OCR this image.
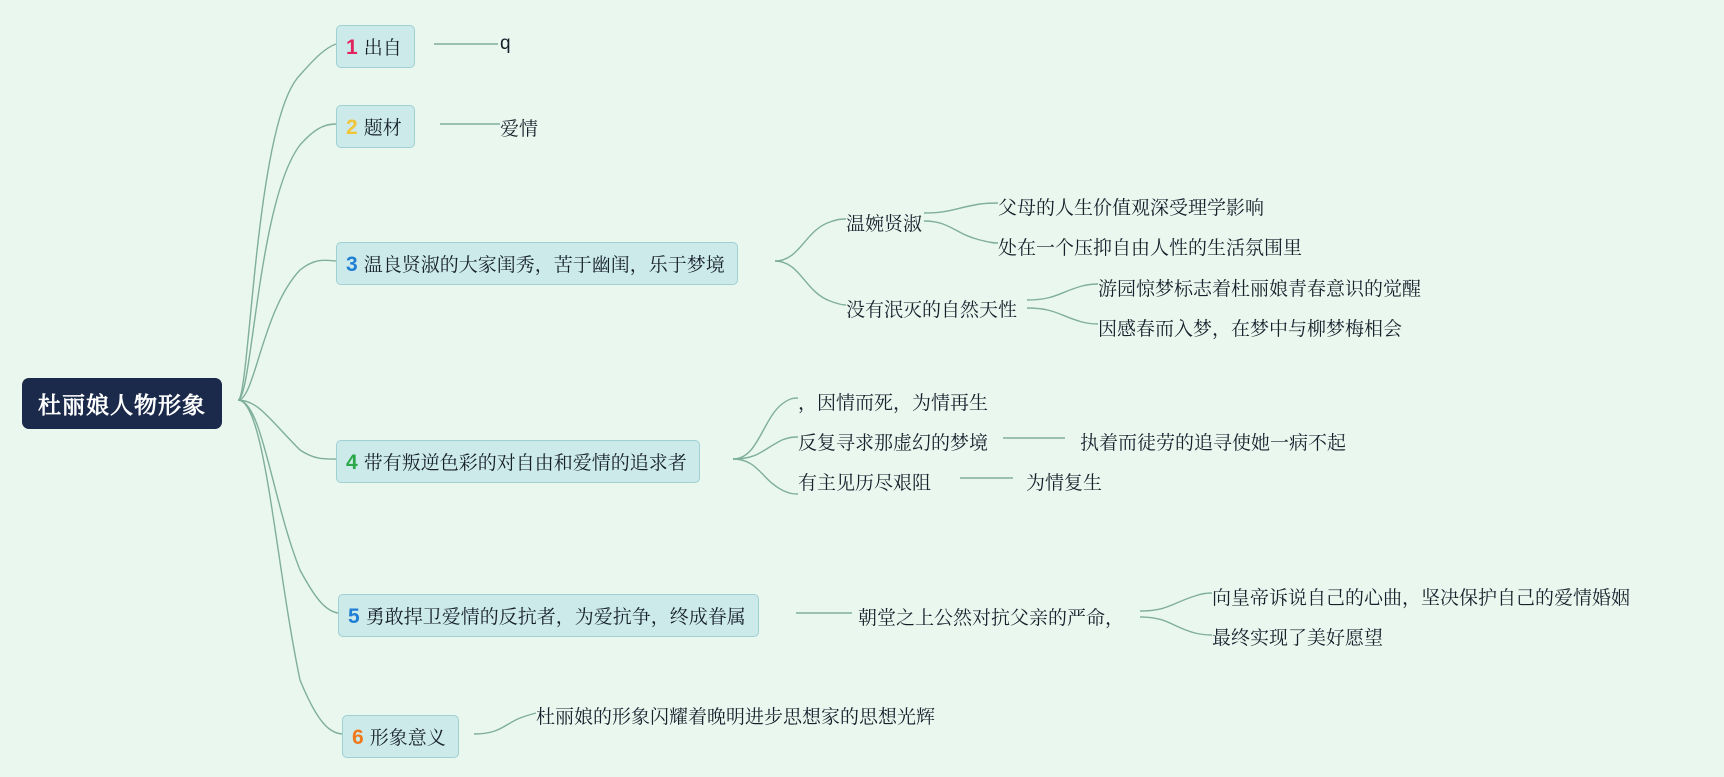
杜丽娘人物形象
1 出自	q
2 题材	爱情
3 温良贤淑的大家闺秀，苦于幽闺，乐于梦境
温婉贤淑
没有泯灭的自然天性
父母的人生价值观深受理学影响
处在一个压抑自由人性的生活氛围里
游园惊梦标志着杜丽娘青春意识的觉醒
因感春而入梦，在梦中与柳梦梅相会
4 带有叛逆色彩的对自由和爱情的追求者
，因情而死，为情再生
反复寻求那虚幻的梦境
有主见历尽艰阻
执着而徒劳的追寻使她一病不起
为情复生
5 勇敢捍卫爱情的反抗者，为爱抗争，终成眷属	朝堂之上公然对抗父亲的严命，
向皇帝诉说自己的心曲，坚决保护自己的爱情婚姻
最终实现了美好愿望
6 形象意义
杜丽娘的形象闪耀着晚明进步思想家的思想光辉
